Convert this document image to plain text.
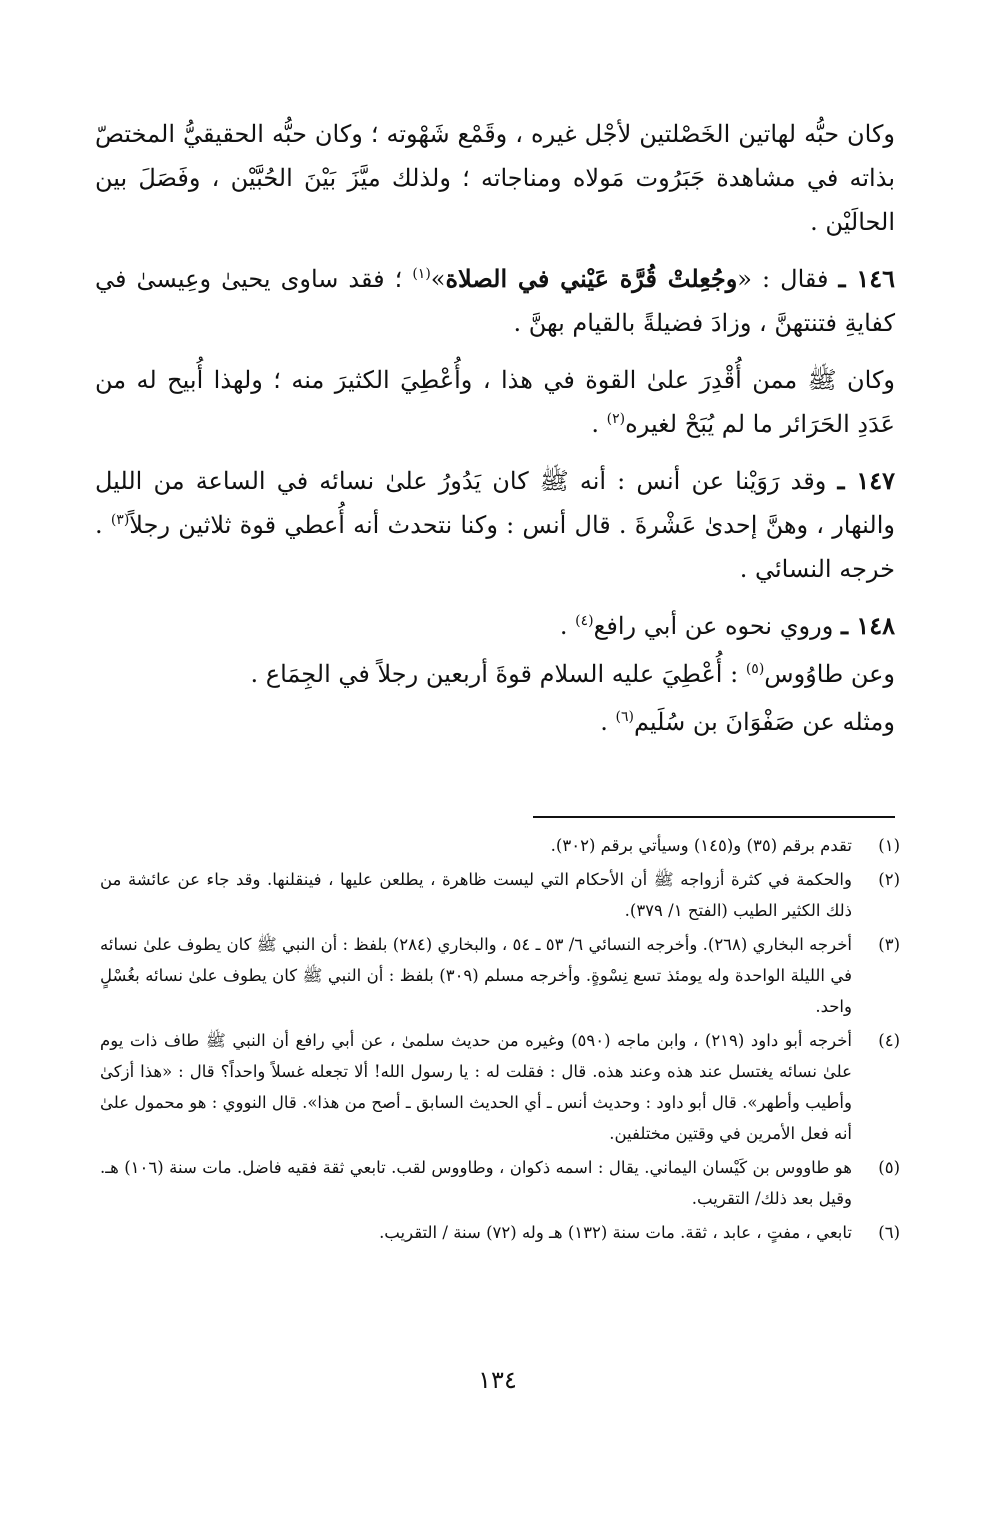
وكان حبُّه لهاتين الخَصْلتين لأجْل غيره ، وقَمْع شَهْوته ؛ وكان حبُّه الحقيقيُّ المختصّ بذاته في مشاهدة جَبَرُوت مَولاه ومناجاته ؛ ولذلك ميَّزَ بَيْنَ الحُبَّيْن ، وفَصَلَ بين الحالَيْن .

١٤٦ ـ فقال : «وجُعِلتْ قُرَّة عَيْني في الصلاة»$^{(١)}$ ؛ فقد ساوى يحيىٰ وعِيسىٰ في كفايةِ فتنتهنَّ ، وزادَ فضيلةً بالقيام بهنَّ .

وكان ﷺ ممن أُقْدِرَ علىٰ القوة في هذا ، وأُعْطِيَ الكثيرَ منه ؛ ولهذا أُبيح له من عَدَدِ الحَرَائر ما لم يُبَحْ لغيره$^{(٢)}$ .

١٤٧ ـ وقد رَوَيْنا عن أنس : أنه ﷺ كان يَدُورُ علىٰ نسائه في الساعة من الليل والنهار ، وهنَّ إحدىٰ عَشْرةَ . قال أنس : وكنا نتحدث أنه أُعطي قوة ثلاثين رجلاً$^{(٣)}$ . خرجه النسائي .

١٤٨ ـ وروي نحوه عن أبي رافع$^{(٤)}$ .

وعن طاوُوس$^{(٥)}$ : أُعْطِيَ عليه السلام قوةَ أربعين رجلاً في الجِمَاع .

ومثله عن صَفْوَانَ بن سُلَيم$^{(٦)}$ .

(١)
تقدم برقم (٣٥) و(١٤٥) وسيأتي برقم (٣٠٢).
(٢)
والحكمة في كثرة أزواجه ﷺ أن الأحكام التي ليست ظاهرة ، يطلعن عليها ، فينقلنها. وقد جاء عن عائشة من ذلك الكثير الطيب (الفتح ١/ ٣٧٩).
(٣)
أخرجه البخاري (٢٦٨). وأخرجه النسائي ٦/ ٥٣ ـ ٥٤ ، والبخاري (٢٨٤) بلفظ : أن النبي ﷺ كان يطوف علىٰ نسائه في الليلة الواحدة وله يومئذ تسع نِسْوةٍ. وأخرجه مسلم (٣٠٩) بلفظ : أن النبي ﷺ كان يطوف علىٰ نسائه بغُسْلٍ واحد.
(٤)
أخرجه أبو داود (٢١٩) ، وابن ماجه (٥٩٠) وغيره من حديث سلمىٰ ، عن أبي رافع أن النبي ﷺ طاف ذات يوم علىٰ نسائه يغتسل عند هذه وعند هذه. قال : فقلت له : يا رسول الله! ألا تجعله غسلاً واحداً؟ قال : «هذا أزكىٰ وأطيب وأطهر». قال أبو داود : وحديث أنس ـ أي الحديث السابق ـ أصح من هذا». قال النووي : هو محمول علىٰ أنه فعل الأمرين في وقتين مختلفين.
(٥)
هو طاووس بن كَيْسان اليماني. يقال : اسمه ذكوان ، وطاووس لقب. تابعي ثقة فقيه فاضل. مات سنة (١٠٦) هـ. وقيل بعد ذلك/ التقريب.
(٦)
تابعي ، مفتٍ ، عابد ، ثقة. مات سنة (١٣٢) هـ وله (٧٢) سنة / التقريب.
١٣٤
